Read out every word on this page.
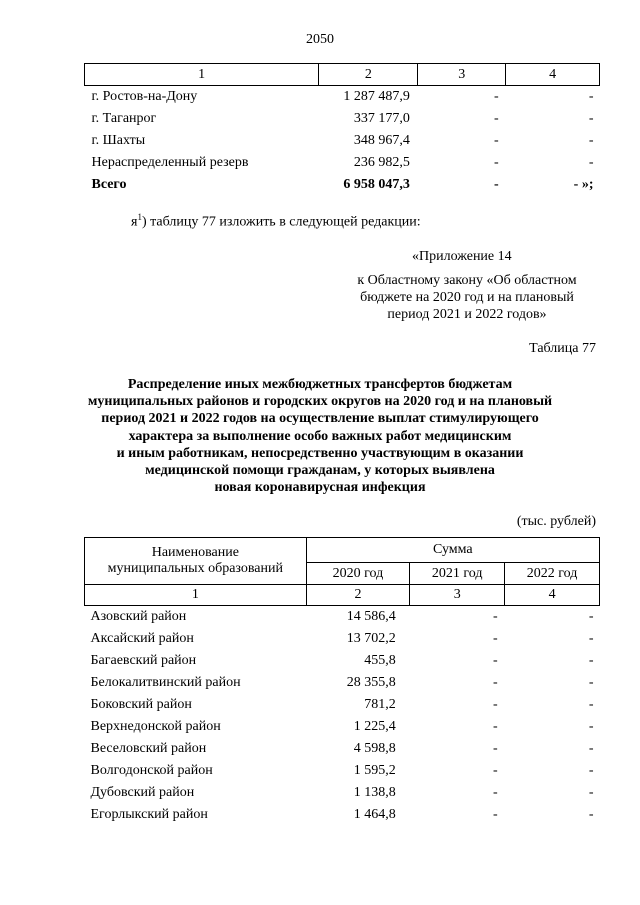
2050
1	2	3	4
г. Ростов-на-Дону	1 287 487,9	-	-
г. Таганрог	337 177,0	-	-
г. Шахты	348 967,4	-	-
Нераспределенный резерв	236 982,5	-	-
Всего	6 958 047,3	-	- »;
$я^1$) таблицу 77 изложить в следующей редакции:
«Приложение 14
к Областному закону «Об областном
бюджете на 2020 год и на плановый
период 2021 и 2022 годов»
Таблица 77
Распределение иных межбюджетных трансфертов бюджетам
муниципальных районов и городских округов на 2020 год и на плановый
период 2021 и 2022 годов на осуществление выплат стимулирующего
характера за выполнение особо важных работ медицинским
и иным работникам, непосредственно участвующим в оказании
медицинской помощи гражданам, у которых выявлена
новая коронавирусная инфекция
(тыс. рублей)
Наименование
муниципальных образований	Сумма		
	2020 год	2021 год	2022 год
1	2	3	4
Азовский район	14 586,4	-	-
Аксайский район	13 702,2	-	-
Багаевский район	455,8	-	-
Белокалитвинский район	28 355,8	-	-
Боковский район	781,2	-	-
Верхнедонской район	1 225,4	-	-
Веселовский район	4 598,8	-	-
Волгодонской район	1 595,2	-	-
Дубовский район	1 138,8	-	-
Егорлыкский район	1 464,8	-	-
